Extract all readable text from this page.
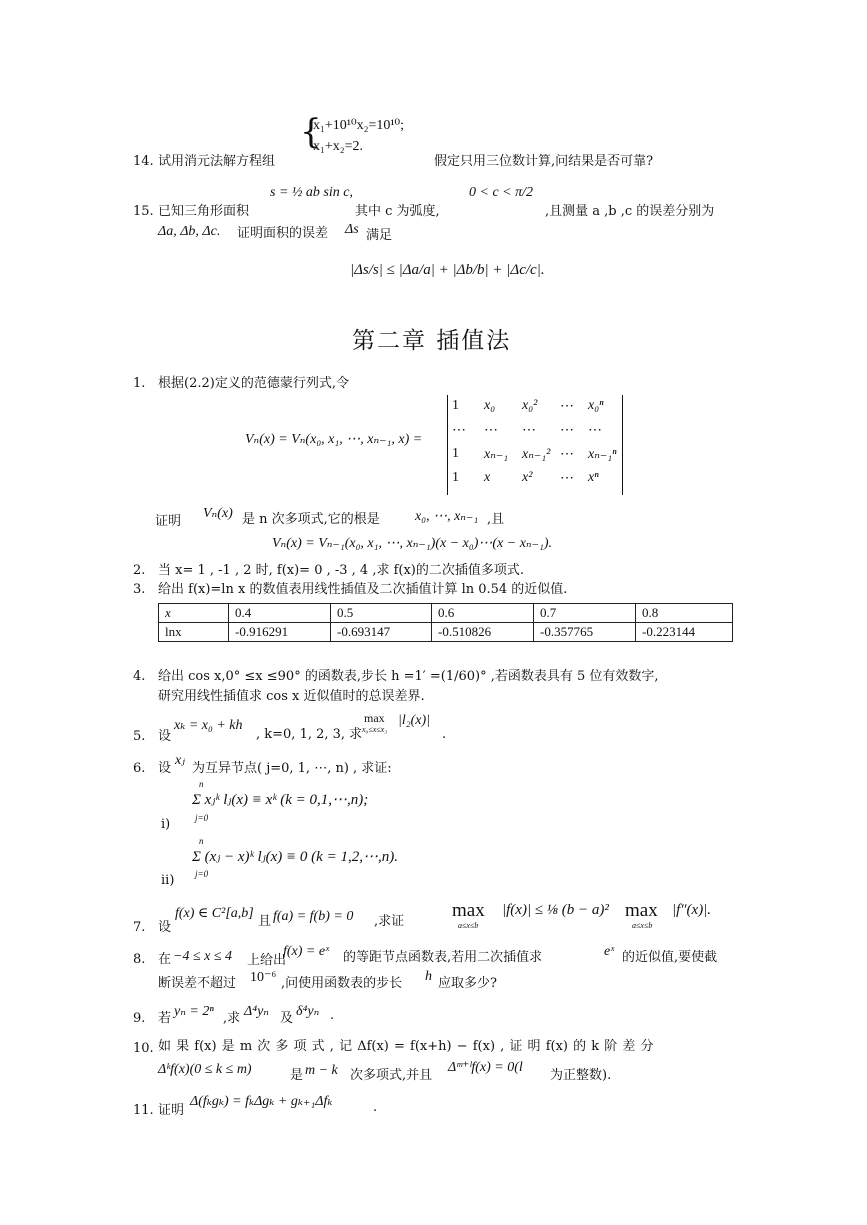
14. 试用消元法解方程组
{
x₁+10¹⁰x₂=10¹⁰;
x₁+x₂=2.
假定只用三位数计算,问结果是否可靠?
15. 已知三角形面积
s = ½ ab sin c,
其中 c 为弧度,
0 < c < π/2
,且测量 a ,b ,c 的误差分别为
Δa, Δb, Δc. 证明面积的误差 Δs 满足
|Δs/s| ≤ |Δa/a| + |Δb/b| + |Δc/c|.
第二章 插值法
1. 根据(2.2)定义的范德蒙行列式,令
Vₙ(x) = Vₙ(x₀, x₁, ⋯, xₙ₋₁, x) =
1	x₀	x₀²	⋯	x₀ⁿ
⋯	⋯	⋯	⋯	⋯
1	xₙ₋₁ xₙ₋₁² ⋯	xₙ₋₁ⁿ
1	x	x²	⋯	xⁿ
证明
Vₙ(x) 是 n 次多项式,它的根是	x₀, ⋯, xₙ₋₁ ,且
Vₙ(x) = Vₙ₋₁(x₀, x₁, ⋯, xₙ₋₁)(x − x₀)⋯(x − xₙ₋₁).
2. 当 x= 1 , -1 , 2 时, f(x)= 0 , -3 , 4 ,求 f(x)的二次插值多项式.
3. 给出 f(x)=ln x 的数值表用线性插值及二次插值计算 ln 0.54 的近似值.
x	0.4	0.5	0.6	0.7	0.8
lnx	-0.916291	-0.693147	-0.510826	-0.357765	-0.223144
4. 给出 cos x,0° ≤x ≤90° 的函数表,步长 h =1′ =(1/60)° ,若函数表具有 5 位有效数字,
研究用线性插值求 cos x 近似值时的总误差界.
5. 设
xₖ = x₀ + kh
, k=0, 1, 2, 3, 求
max
x₀≤x≤x₃
|l₂(x)|
.
6. 设
xⱼ
为互异节点( j=0, 1, ⋯, n) , 求证:
i)
n
j=0
Σ xⱼᵏ lⱼ(x) ≡ xᵏ (k = 0,1,⋯,n);
ii)
n
j=0
Σ (xⱼ − x)ᵏ lⱼ(x) ≡ 0 (k = 1,2,⋯,n).
7. 设
f(x) ∈ C²[a,b]
且 f(a) = f(b) = 0 ,求证
max
a≤x≤b
|f(x)| ≤ ⅛ (b − a)² max
a≤x≤b
|f″(x)|.
8. 在 −4 ≤ x ≤ 4 上给出
f(x) = eˣ 的等距节点函数表,若用二次插值求	eˣ 的近似值,要使截
断误差不超过 10⁻⁶ ,问使用函数表的步长 h 应取多少?
9. 若 yₙ = 2ⁿ ,求 Δ⁴yₙ 及 δ⁴yₙ .
10. 如 果 f(x) 是 m 次 多 项 式 , 记 Δf(x) = f(x+h) − f(x) , 证 明 f(x) 的 k 阶 差 分
Δᵏf(x)(0 ≤ k ≤ m)	是 m − k 次多项式,并且
Δᵐ⁺ˡf(x) = 0(l
为正整数).
11. 证明
Δ(fₖgₖ) = fₖΔgₖ + gₖ₊₁Δfₖ	.
